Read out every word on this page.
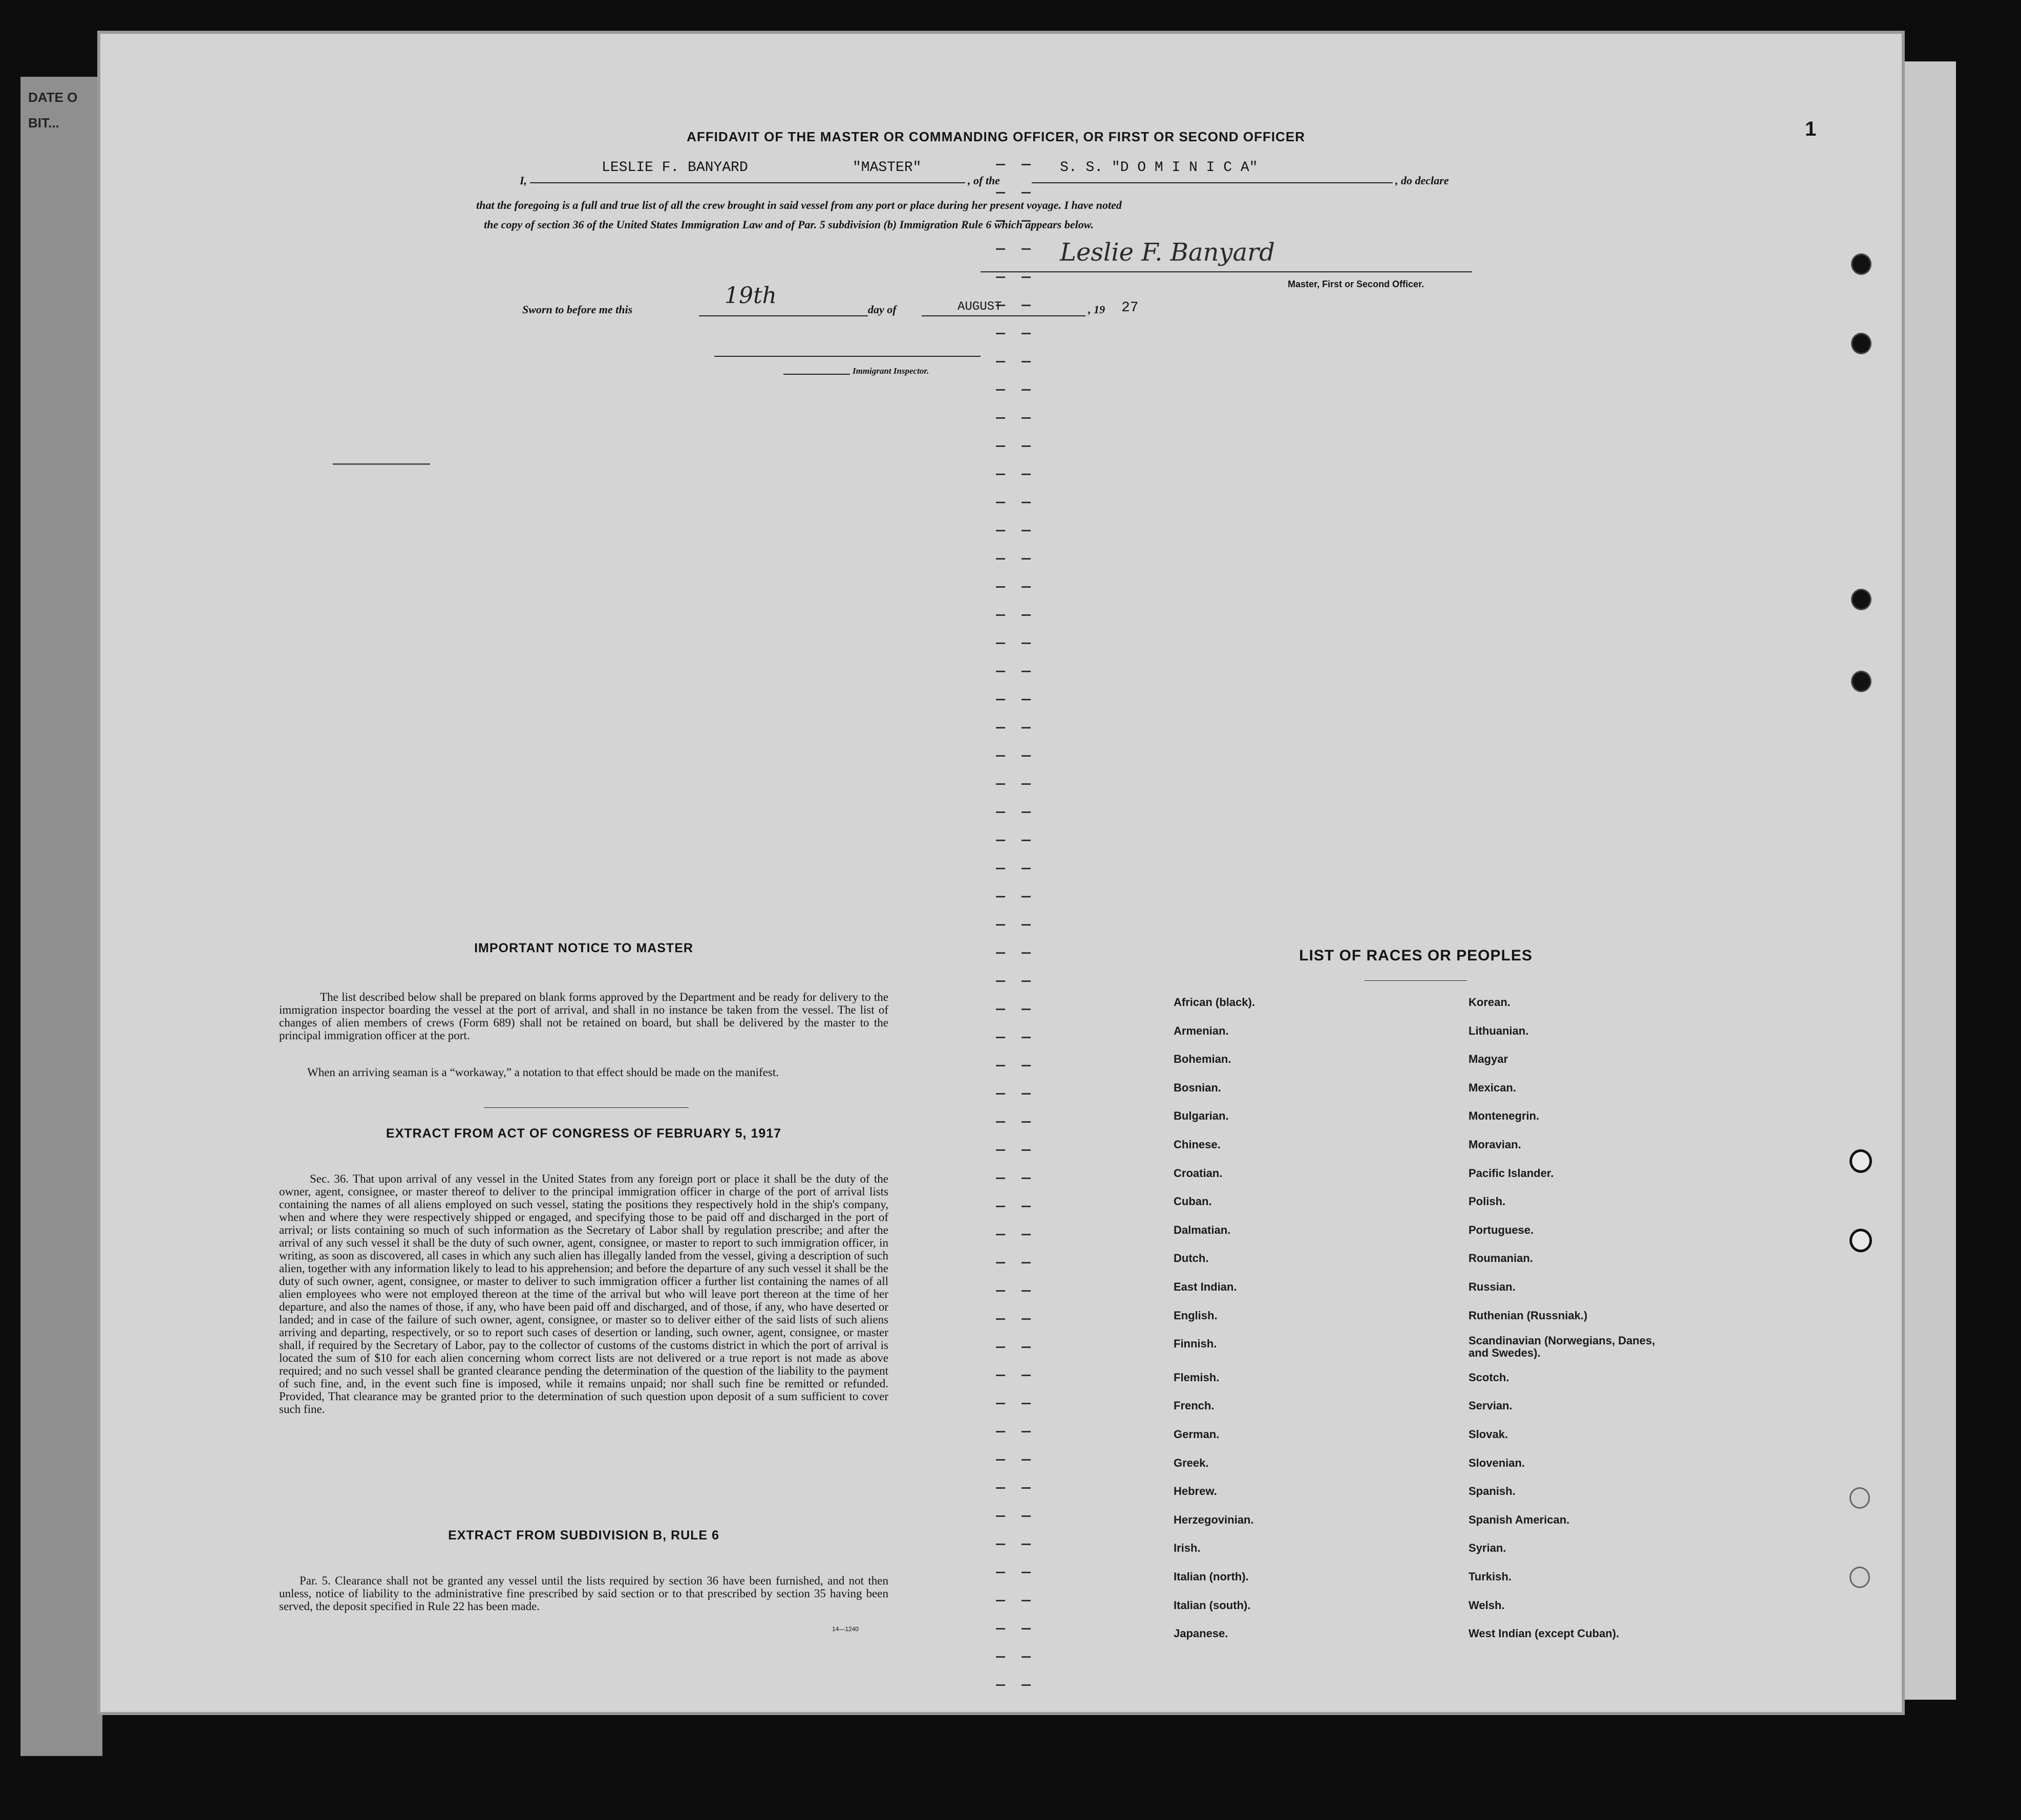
DATE O
BIT...	1
AFFIDAVIT OF THE MASTER OR COMMANDING OFFICER, OR FIRST OR SECOND OFFICER
I,
LESLIE F. BANYARD	"MASTER"
, of the
S. S. "D O M I N I C A"
, do declare
that the foregoing is a full and true list of all the crew brought in said vessel from any port or place during her present voyage. I have noted
the copy of section 36 of the United States Immigration Law and of Par. 5 subdivision (b) Immigration Rule 6 which appears below.
Leslie F. Banyard
Master, First or Second Officer.
Sworn to before me this
19th
day of	AUGUST	, 19 27
Immigrant Inspector.
IMPORTANT NOTICE TO MASTER
The list described below shall be prepared on blank forms approved by the Department and be ready for delivery to the immigration inspector boarding the vessel at the port of arrival, and shall in no instance be taken from the vessel. The list of changes of alien members of crews (Form 689) shall not be retained on board, but shall be delivered by the master to the principal immigration officer at the port.
When an arriving seaman is a “workaway,” a notation to that effect should be made on the manifest.
EXTRACT FROM ACT OF CONGRESS OF FEBRUARY 5, 1917
Sec. 36. That upon arrival of any vessel in the United States from any foreign port or place it shall be the duty of the owner, agent, consignee, or master thereof to deliver to the principal immigration officer in charge of the port of arrival lists containing the names of all aliens employed on such vessel, stating the positions they respectively hold in the ship's company, when and where they were respectively shipped or engaged, and specifying those to be paid off and discharged in the port of arrival; or lists containing so much of such information as the Secretary of Labor shall by regulation prescribe; and after the arrival of any such vessel it shall be the duty of such owner, agent, consignee, or master to report to such immigration officer, in writing, as soon as discovered, all cases in which any such alien has illegally landed from the vessel, giving a description of such alien, together with any information likely to lead to his apprehension; and before the departure of any such vessel it shall be the duty of such owner, agent, consignee, or master to deliver to such immigration officer a further list containing the names of all alien employees who were not employed thereon at the time of the arrival but who will leave port thereon at the time of her departure, and also the names of those, if any, who have been paid off and discharged, and of those, if any, who have deserted or landed; and in case of the failure of such owner, agent, consignee, or master so to deliver either of the said lists of such aliens arriving and departing, respectively, or so to report such cases of desertion or landing, such owner, agent, consignee, or master shall, if required by the Secretary of Labor, pay to the collector of customs of the customs district in which the port of arrival is located the sum of $10 for each alien concerning whom correct lists are not delivered or a true report is not made as above required; and no such vessel shall be granted clearance pending the determination of the question of the liability to the payment of such fine, and, in the event such fine is imposed, while it remains unpaid; nor shall such fine be remitted or refunded. Provided, That clearance may be granted prior to the determination of such question upon deposit of a sum sufficient to cover such fine.
EXTRACT FROM SUBDIVISION B, RULE 6
Par. 5. Clearance shall not be granted any vessel until the lists required by section 36 have been furnished, and not then unless, notice of liability to the administrative fine prescribed by said section or to that prescribed by section 35 having been served, the deposit specified in Rule 22 has been made.
14—1240
LIST OF RACES OR PEOPLES
African (black).
Armenian.
Bohemian.
Bosnian.
Bulgarian.
Chinese.
Croatian.
Cuban.
Dalmatian.
Dutch.
East Indian.
English.
Finnish.
Flemish.
French.
German.
Greek.
Hebrew.
Herzegovinian.
Irish.
Italian (north).
Italian (south).
Japanese.
Korean.
Lithuanian.
Magyar
Mexican.
Montenegrin.
Moravian.
Pacific Islander.
Polish.
Portuguese.
Roumanian.
Russian.
Ruthenian (Russniak.)
Scandinavian (Norwegians, Danes, and Swedes).
Scotch.
Servian.
Slovak.
Slovenian.
Spanish.
Spanish American.
Syrian.
Turkish.
Welsh.
West Indian (except Cuban).
